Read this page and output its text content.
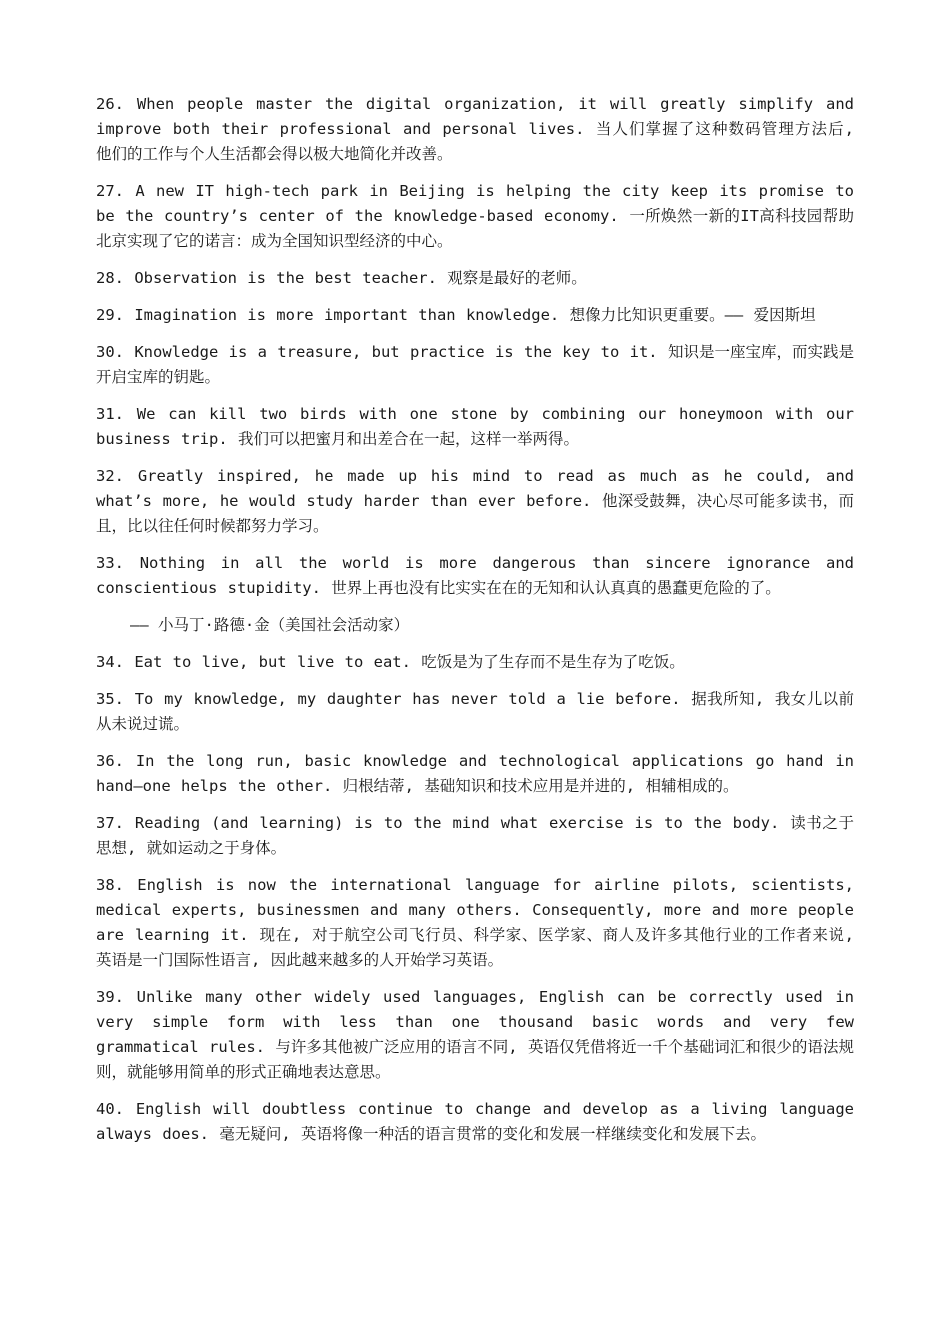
26. When people master the digital organization, it will greatly simplify and improve both their professional and personal lives. 当人们掌握了这种数码管理方法后, 他们的工作与个人生活都会得以极大地简化并改善。

27. A new IT high-tech park in Beijing is helping the city keep its promise to be the country’s center of the knowledge-based economy. 一所焕然一新的IT高科技园帮助北京实现了它的诺言：成为全国知识型经济的中心。

28. Observation is the best teacher. 观察是最好的老师。

29. Imagination is more important than knowledge. 想像力比知识更重要。—— 爱因斯坦

30. Knowledge is a treasure, but practice is the key to it. 知识是一座宝库，而实践是开启宝库的钥匙。

31. We can kill two birds with one stone by combining our honeymoon with our business trip. 我们可以把蜜月和出差合在一起，这样一举两得。

32. Greatly inspired, he made up his mind to read as much as he could, and what’s more, he would study harder than ever before. 他深受鼓舞，决心尽可能多读书，而且，比以往任何时候都努力学习。

33. Nothing in all the world is more dangerous than sincere ignorance and conscientious stupidity. 世界上再也没有比实实在在的无知和认认真真的愚蠢更危险的了。

—— 小马丁·路德·金（美国社会活动家）

34. Eat to live, but live to eat. 吃饭是为了生存而不是生存为了吃饭。

35. To my knowledge, my daughter has never told a lie before. 据我所知, 我女儿以前从未说过谎。

36. In the long run, basic knowledge and technological applications go hand in hand—one helps the other. 归根结蒂, 基础知识和技术应用是并进的, 相辅相成的。

37. Reading (and learning) is to the mind what exercise is to the body. 读书之于思想, 就如运动之于身体。

38. English is now the international language for airline pilots, scientists, medical experts, businessmen and many others. Consequently, more and more people are learning it. 现在, 对于航空公司飞行员、科学家、医学家、商人及许多其他行业的工作者来说, 英语是一门国际性语言, 因此越来越多的人开始学习英语。

39. Unlike many other widely used languages, English can be correctly used in very simple form with less than one thousand basic words and very few grammatical rules. 与许多其他被广泛应用的语言不同, 英语仅凭借将近一千个基础词汇和很少的语法规则，就能够用简单的形式正确地表达意思。

40. English will doubtless continue to change and develop as a living language always does. 毫无疑问, 英语将像一种活的语言贯常的变化和发展一样继续变化和发展下去。
